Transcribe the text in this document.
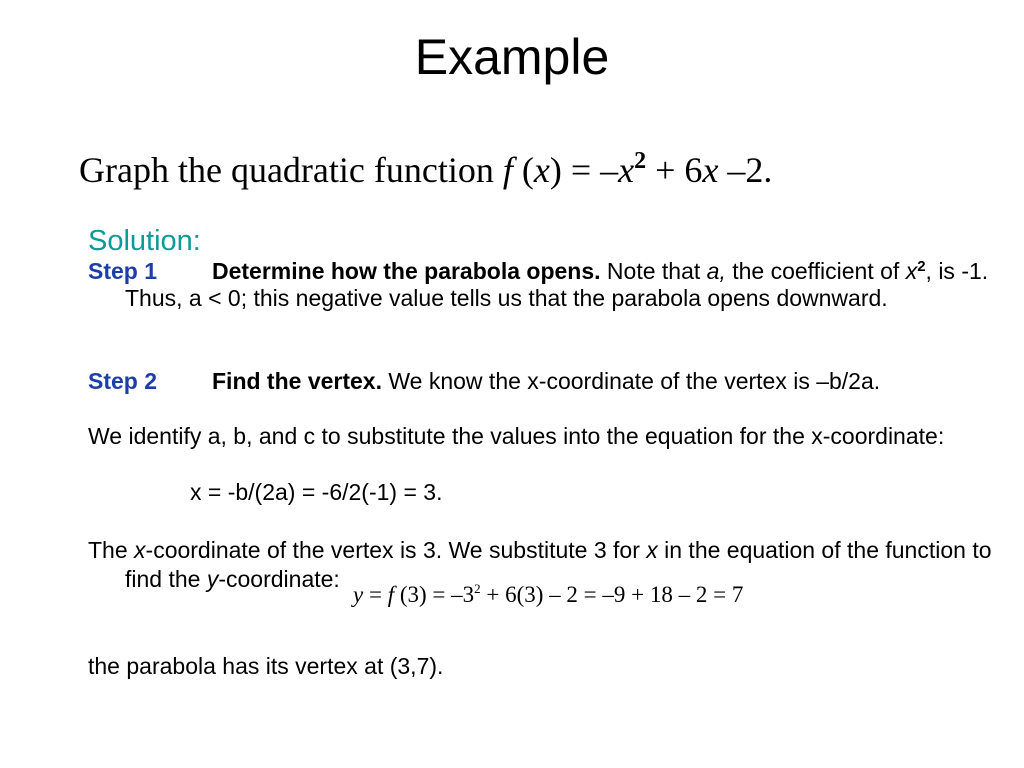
Example
Graph the quadratic function f $(x) = -x^2 + 6x$ –2.
Solution:
Step 1 Determine how the parabola opens. Note that a, the coefficient of $x^2$, is -1. Thus, a < 0; this negative value tells us that the parabola opens downward.
Step 2 Find the vertex. We know the x-coordinate of the vertex is –b/2a.
We identify a, b, and c to substitute the values into the equation for the x-coordinate:
x = -b/(2a) = -6/2(-1) = 3.
The x-coordinate of the vertex is 3. We substitute 3 for x in the equation of the function to find the y-coordinate:
y = f $(3) = -3^2 + 6(3) - 2 = -9 + 18 - 2 = 7$
the parabola has its vertex at (3,7).
